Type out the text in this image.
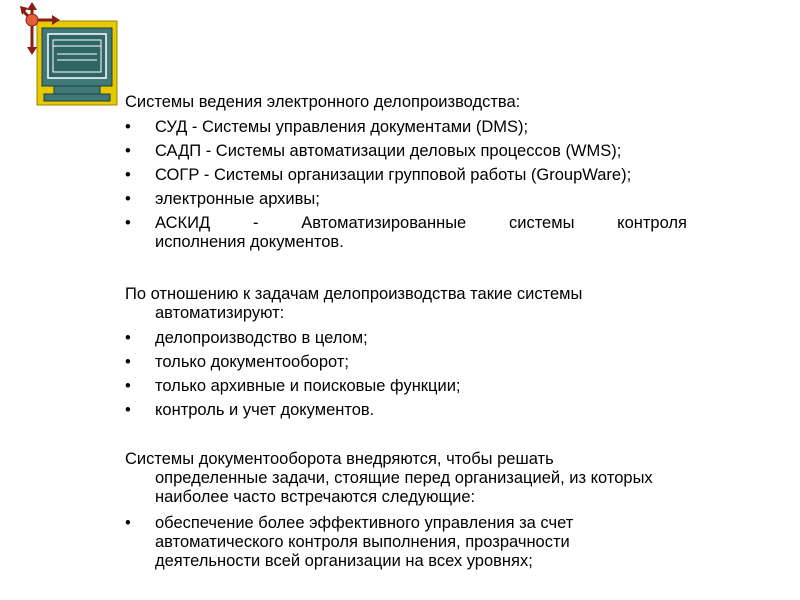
Системы ведения электронного делопроизводства:

•	СУД - Системы управления документами (DMS);
•	САДП - Системы автоматизации деловых процессов (WMS);
•	СОГР - Системы организации групповой работы (GroupWare);
•	электронные архивы;
•	АСКИД - Автоматизированные системы контроля
исполнения документов.

По отношению к задачам делопроизводства такие системы

автоматизируют:

•	делопроизводство в целом;
•	только документооборот;
•	только архивные и поисковые функции;
•	контроль и учет документов.

Системы документооборота внедряются, чтобы решать

определенные задачи, стоящие перед организацией, из которых

наиболее часто встречаются следующие:

•	обеспечение более эффективного управления за счет
автоматического контроля выполнения, прозрачности
деятельности всей организации на всех уровнях;
